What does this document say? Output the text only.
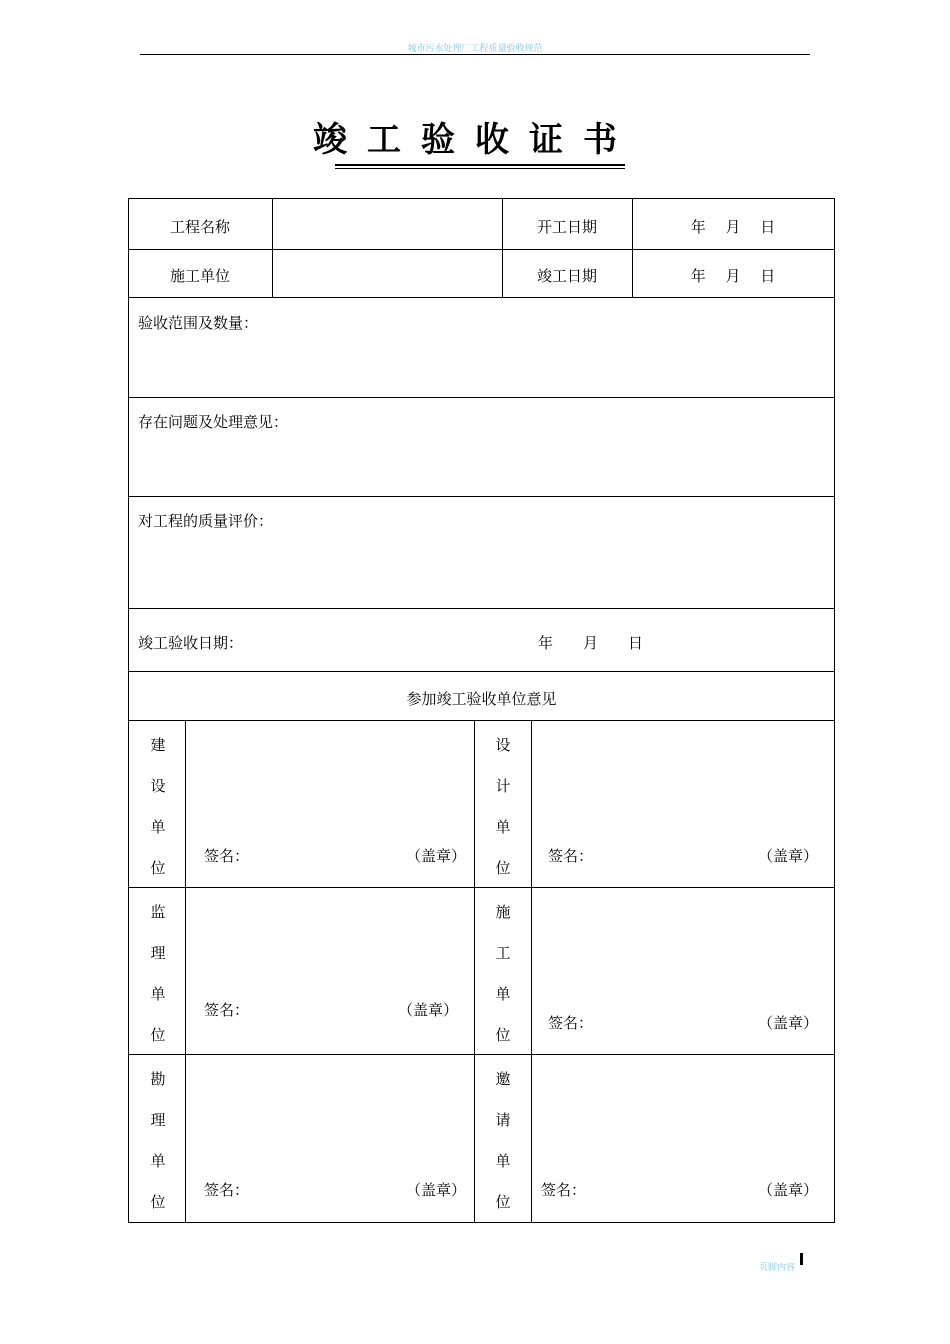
城市污水处理厂工程质量验收规范
竣工验收证书
工程名称	开工日期	年　 月　 日
施工单位	竣工日期	年　 月　 日
验收范围及数量：
存在问题及处理意见：
对工程的质量评价：
竣工验收日期：	年　　月　　日
参加竣工验收单位意见
建
设
单
位
签名：	（盖章）
设
计
单
位
签名：	（盖章）
监
理
单
位
签名：	（盖章）
施
工
单
位
签名：	（盖章）
勘
理
单
位
签名：	（盖章）
邀
请
单
位
签名：	（盖章）
页脚内容
